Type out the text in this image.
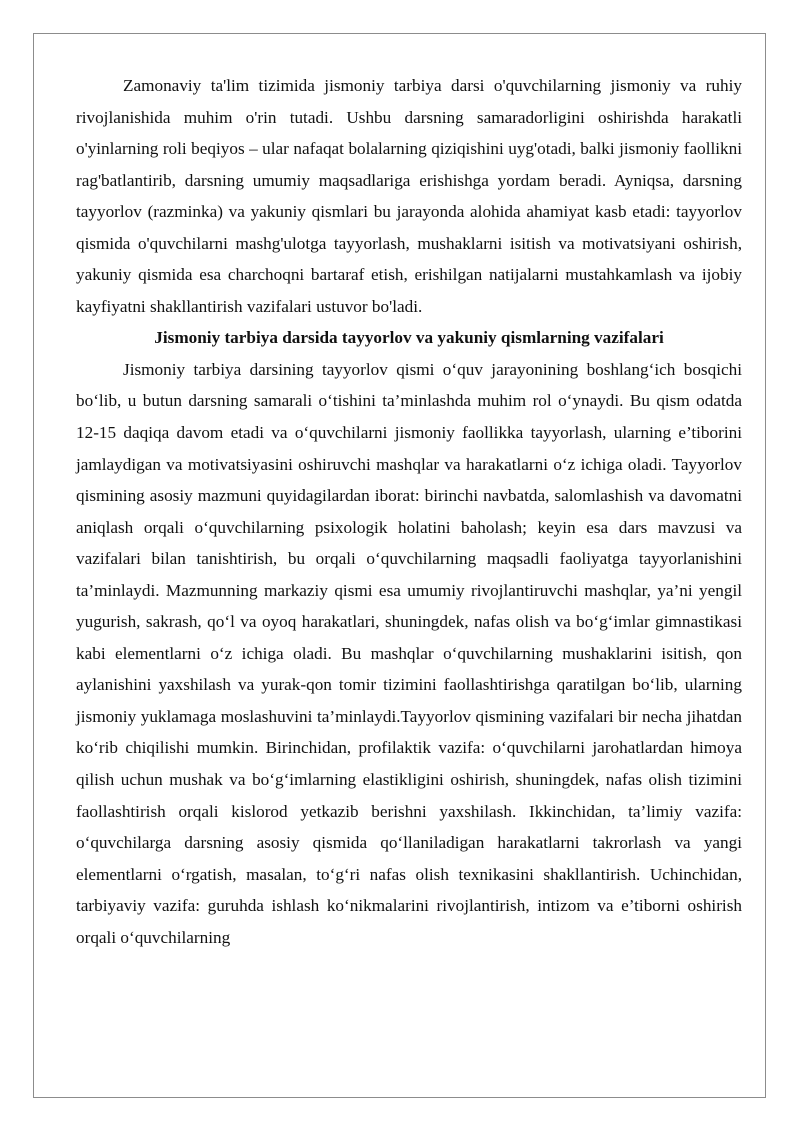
Zamonaviy ta'lim tizimida jismoniy tarbiya darsi o'quvchilarning jismoniy va ruhiy rivojlanishida muhim o'rin tutadi. Ushbu darsning samaradorligini oshirishda harakatli o'yinlarning roli beqiyos – ular nafaqat bolalarning qiziqishini uyg'otadi, balki jismoniy faollikni rag'batlantirib, darsning umumiy maqsadlariga erishishga yordam beradi. Ayniqsa, darsning tayyorlov (razminka) va yakuniy qismlari bu jarayonda alohida ahamiyat kasb etadi: tayyorlov qismida o'quvchilarni mashg'ulotga tayyorlash, mushaklarni isitish va motivatsiyani oshirish, yakuniy qismida esa charchoqni bartaraf etish, erishilgan natijalarni mustahkamlash va ijobiy kayfiyatni shakllantirish vazifalari ustuvor bo'ladi.

Jismoniy tarbiya darsida tayyorlov va yakuniy qismlarning vazifalari

Jismoniy tarbiya darsining tayyorlov qismi o‘quv jarayonining boshlang‘ich bosqichi bo‘lib, u butun darsning samarali o‘tishini ta’minlashda muhim rol o‘ynaydi. Bu qism odatda 12-15 daqiqa davom etadi va o‘quvchilarni jismoniy faollikka tayyorlash, ularning e’tiborini jamlaydigan va motivatsiyasini oshiruvchi mashqlar va harakatlarni o‘z ichiga oladi. Tayyorlov qismining asosiy mazmuni quyidagilardan iborat: birinchi navbatda, salomlashish va davomatni aniqlash orqali o‘quvchilarning psixologik holatini baholash; keyin esa dars mavzusi va vazifalari bilan tanishtirish, bu orqali o‘quvchilarning maqsadli faoliyatga tayyorlanishini ta’minlaydi. Mazmunning markaziy qismi esa umumiy rivojlantiruvchi mashqlar, ya’ni yengil yugurish, sakrash, qo‘l va oyoq harakatlari, shuningdek, nafas olish va bo‘g‘imlar gimnastikasi kabi elementlarni o‘z ichiga oladi. Bu mashqlar o‘quvchilarning mushaklarini isitish, qon aylanishini yaxshilash va yurak-qon tomir tizimini faollashtirishga qaratilgan bo‘lib, ularning jismoniy yuklamaga moslashuvini ta’minlaydi.Tayyorlov qismining vazifalari bir necha jihatdan ko‘rib chiqilishi mumkin. Birinchidan, profilaktik vazifa: o‘quvchilarni jarohatlardan himoya qilish uchun mushak va bo‘g‘imlarning elastikligini oshirish, shuningdek, nafas olish tizimini faollashtirish orqali kislorod yetkazib berishni yaxshilash. Ikkinchidan, ta’limiy vazifa: o‘quvchilarga darsning asosiy qismida qo‘llaniladigan harakatlarni takrorlash va yangi elementlarni o‘rgatish, masalan, to‘g‘ri nafas olish texnikasini shakllantirish. Uchinchidan, tarbiyaviy vazifa: guruhda ishlash ko‘nikmalarini rivojlantirish, intizom va e’tiborni oshirish orqali o‘quvchilarning
